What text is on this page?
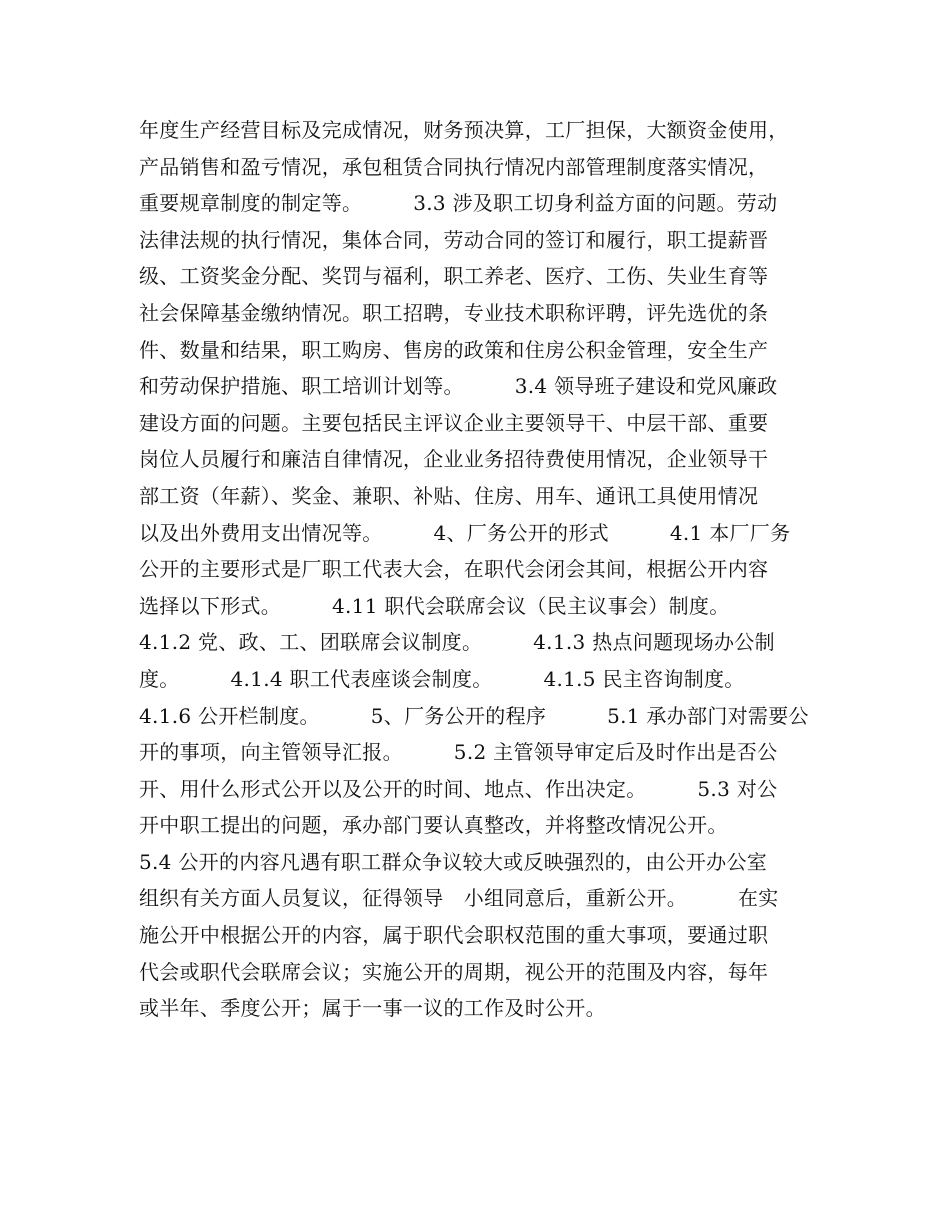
年度生产经营目标及完成情况，财务预决算，工厂担保，大额资金使用，
产品销售和盈亏情况，承包租赁合同执行情况内部管理制度落实情况，
重要规章制度的制定等。　　　3.3 涉及职工切身利益方面的问题。劳动
法律法规的执行情况，集体合同，劳动合同的签订和履行，职工提薪晋
级、工资奖金分配、奖罚与福利，职工养老、医疗、工伤、失业生育等
社会保障基金缴纳情况。职工招聘，专业技术职称评聘，评先选优的条
件、数量和结果，职工购房、售房的政策和住房公积金管理，安全生产
和劳动保护措施、职工培训计划等。　　　3.4 领导班子建设和党风廉政
建设方面的问题。主要包括民主评议企业主要领导干、中层干部、重要
岗位人员履行和廉洁自律情况，企业业务招待费使用情况，企业领导干
部工资（年薪）、奖金、兼职、补贴、住房、用车、通讯工具使用情况
以及出外费用支出情况等。　　　4、厂务公开的形式　　　4.1 本厂厂务
公开的主要形式是厂职工代表大会，在职代会闭会其间，根据公开内容
选择以下形式。　　　4.11 职代会联席会议（民主议事会）制度。
4.1.2 党、政、工、团联席会议制度。　　　4.1.3 热点问题现场办公制
度。　　　4.1.4 职工代表座谈会制度。　　　4.1.5 民主咨询制度。
4.1.6 公开栏制度。　　　5、厂务公开的程序　　　5.1 承办部门对需要公
开的事项，向主管领导汇报。　　　5.2 主管领导审定后及时作出是否公
开、用什么形式公开以及公开的时间、地点、作出决定。　　　5.3 对公
开中职工提出的问题，承办部门要认真整改，并将整改情况公开。
5.4 公开的内容凡遇有职工群众争议较大或反映强烈的，由公开办公室
组织有关方面人员复议，征得领导　小组同意后，重新公开。　　　在实
施公开中根据公开的内容，属于职代会职权范围的重大事项，要通过职
代会或职代会联席会议；实施公开的周期，视公开的范围及内容，每年
或半年、季度公开；属于一事一议的工作及时公开。
